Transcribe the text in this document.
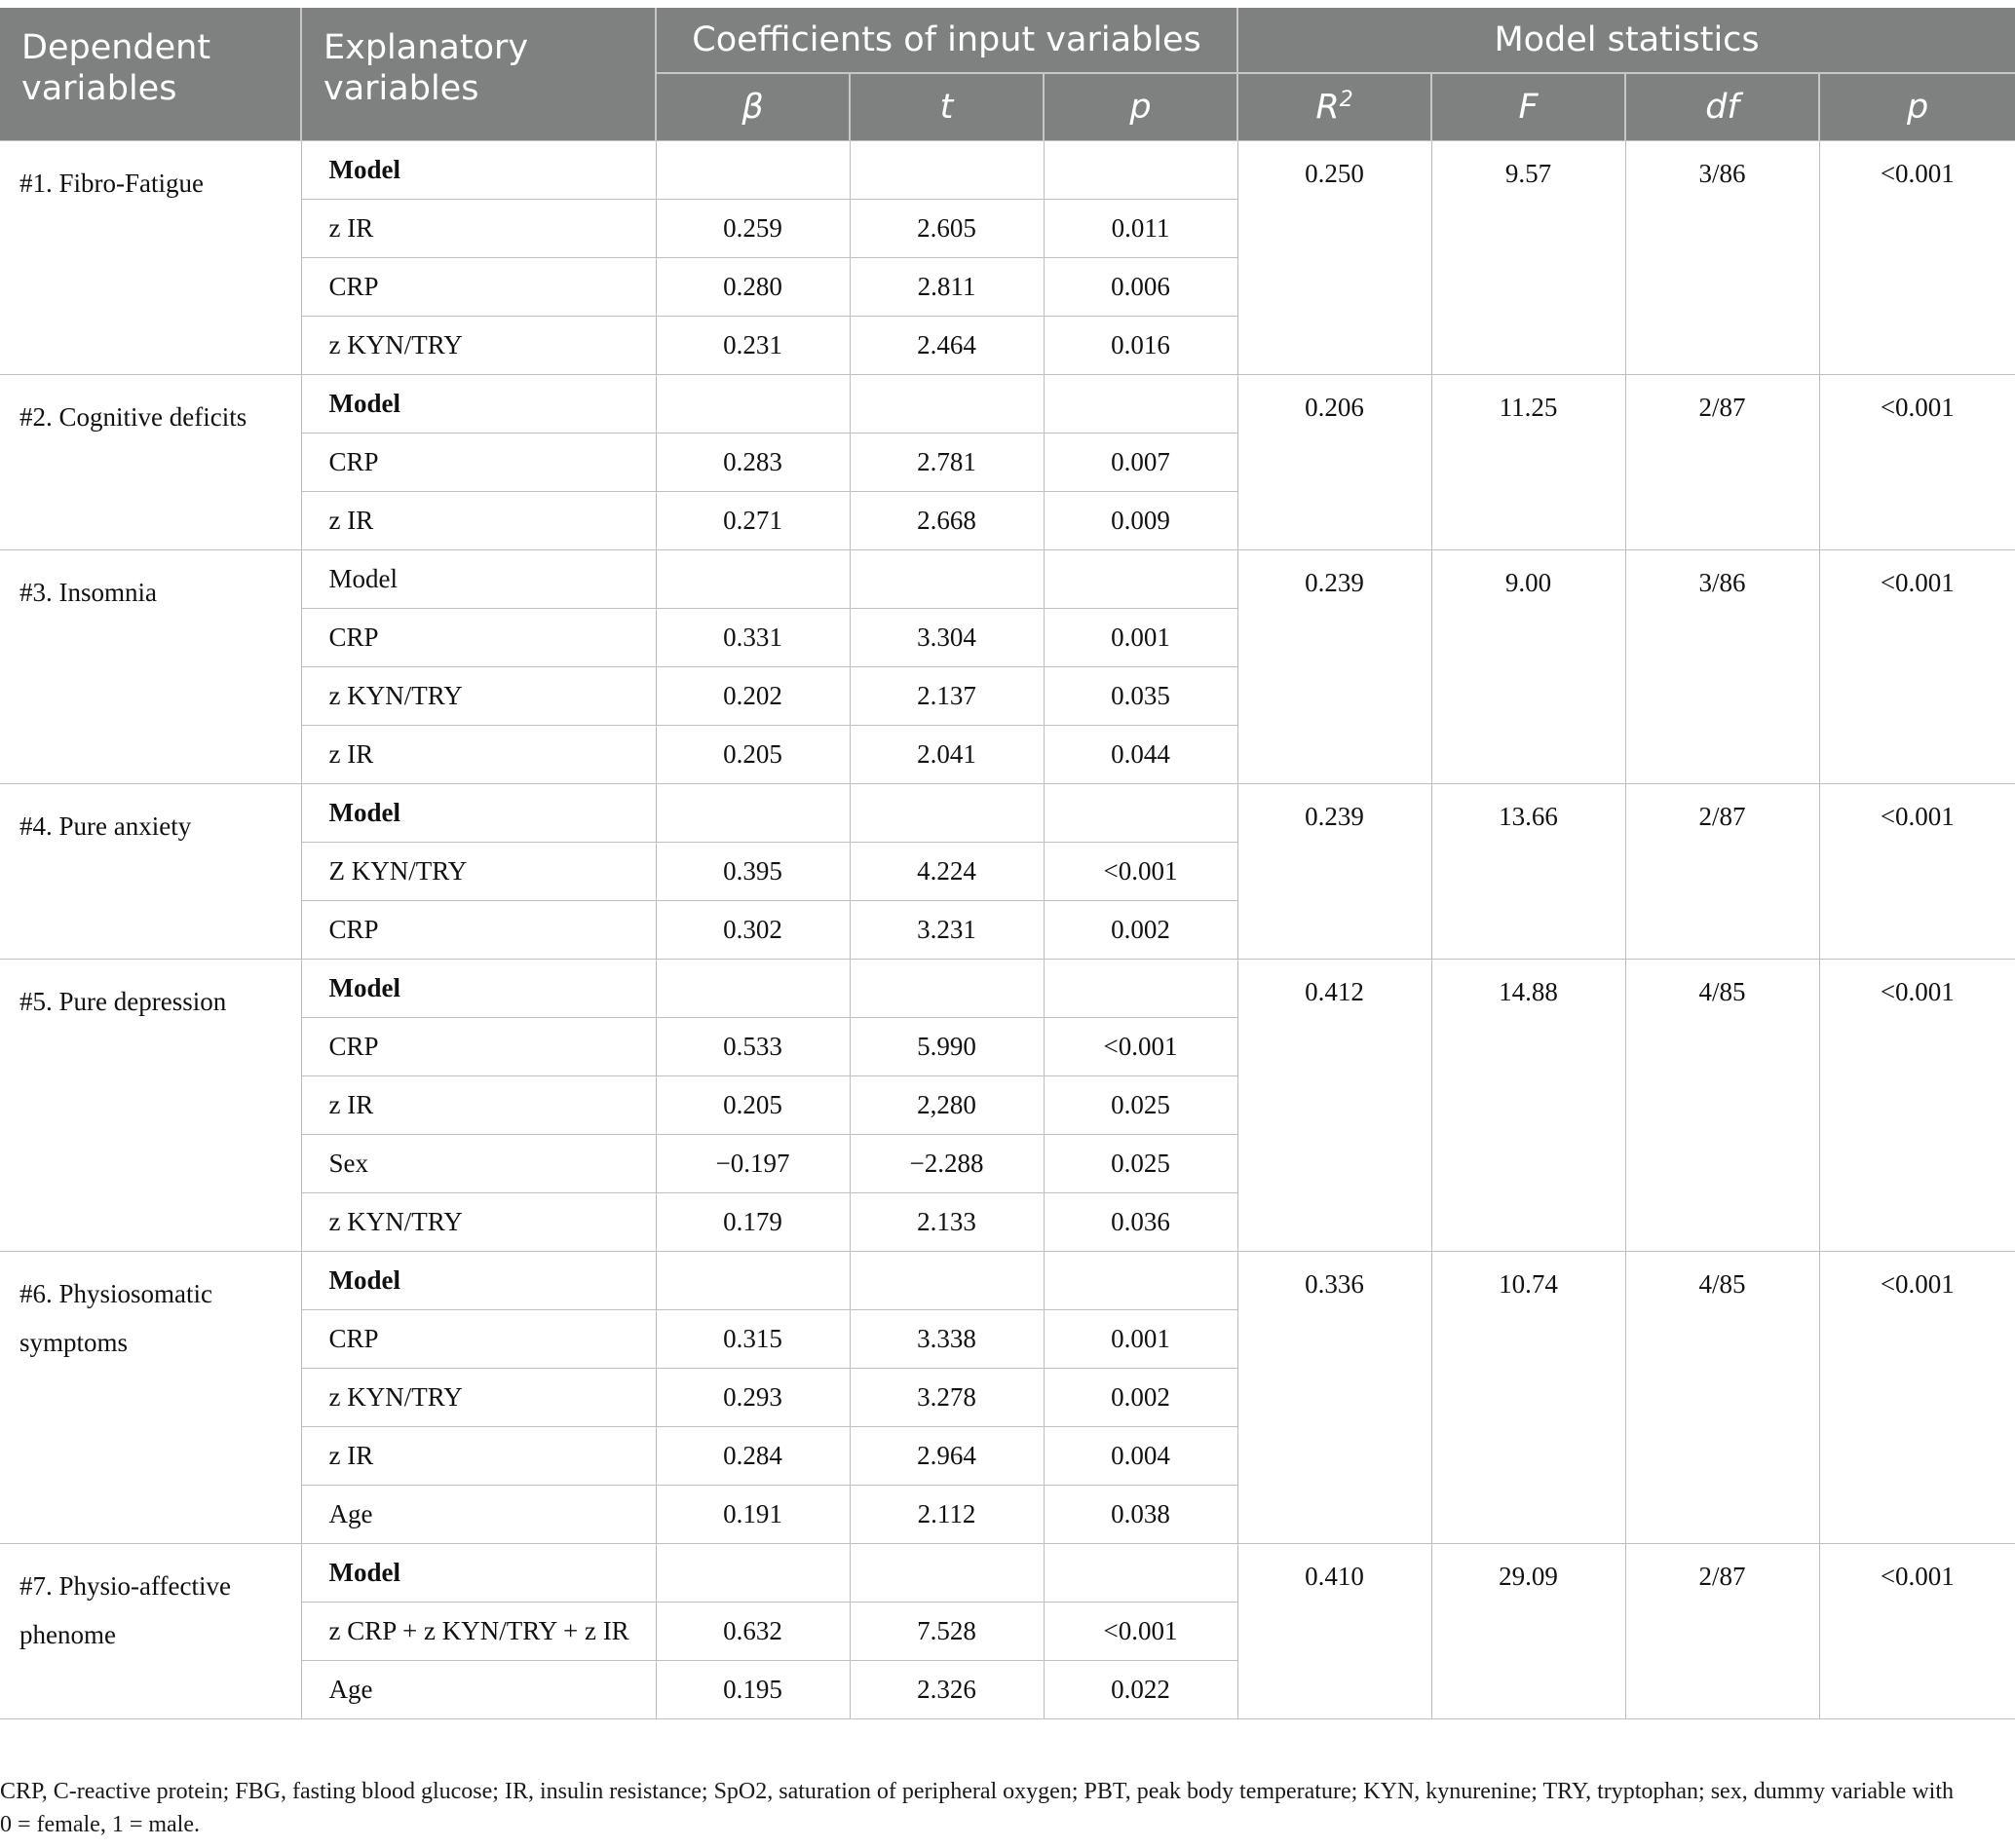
Dependent variables	Explanatory variables	Coefficients of input variables			Model statistics			
		β	t	p	$R^2$	F	df	p
#1. Fibro-Fatigue	Model				0.250	9.57	3/86	<0.001
	z IR	0.259	2.605	0.011				
	CRP	0.280	2.811	0.006				
	z KYN/TRY	0.231	2.464	0.016				
#2. Cognitive deficits	Model				0.206	11.25	2/87	<0.001
	CRP	0.283	2.781	0.007				
	z IR	0.271	2.668	0.009				
#3. Insomnia	Model				0.239	9.00	3/86	<0.001
	CRP	0.331	3.304	0.001				
	z KYN/TRY	0.202	2.137	0.035				
	z IR	0.205	2.041	0.044				
#4. Pure anxiety	Model				0.239	13.66	2/87	<0.001
	Z KYN/TRY	0.395	4.224	<0.001				
	CRP	0.302	3.231	0.002				
#5. Pure depression	Model				0.412	14.88	4/85	<0.001
	CRP	0.533	5.990	<0.001				
	z IR	0.205	2,280	0.025				
	Sex	−0.197	−2.288	0.025				
	z KYN/TRY	0.179	2.133	0.036				
#6. Physiosomatic symptoms	Model				0.336	10.74	4/85	<0.001
	CRP	0.315	3.338	0.001				
	z KYN/TRY	0.293	3.278	0.002				
	z IR	0.284	2.964	0.004				
	Age	0.191	2.112	0.038				
#7. Physio-affective phenome	Model				0.410	29.09	2/87	<0.001
	z CRP + z KYN/TRY + z IR	0.632	7.528	<0.001				
	Age	0.195	2.326	0.022				
CRP, C-reactive protein; FBG, fasting blood glucose; IR, insulin resistance; SpO2, saturation of peripheral oxygen; PBT, peak body temperature; KYN, kynurenine; TRY, tryptophan; sex, dummy variable with 0 = female, 1 = male.
